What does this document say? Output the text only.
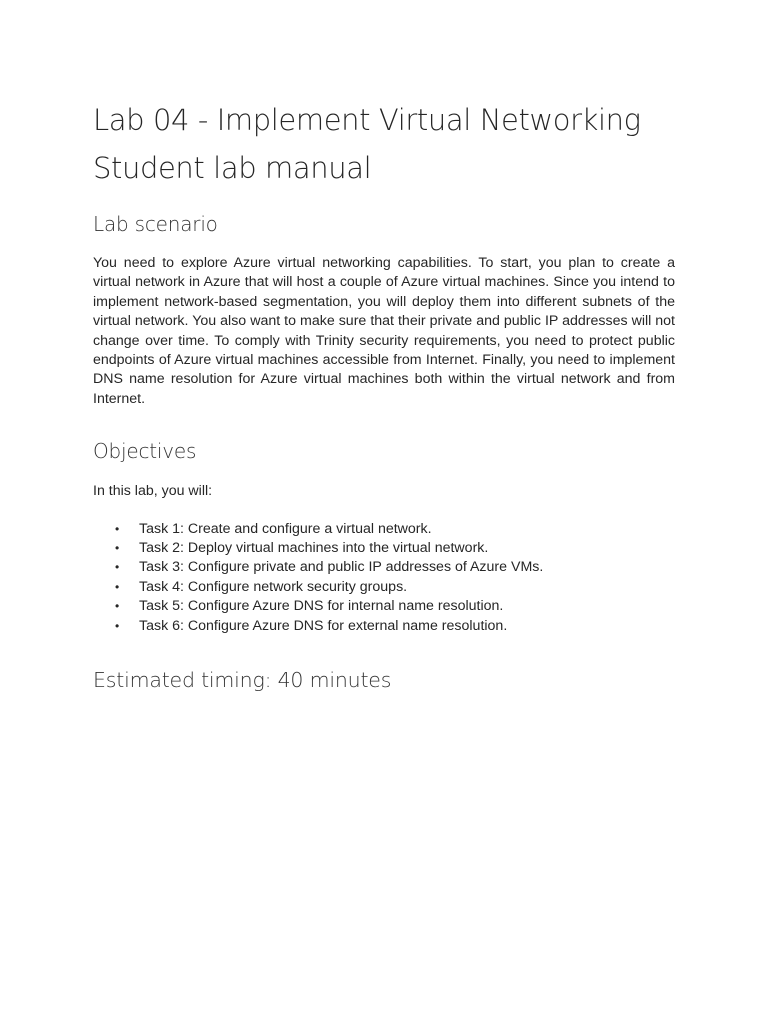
Lab 04 - Implement Virtual Networking
Student lab manual
Lab scenario

You need to explore Azure virtual networking capabilities. To start, you plan to create a virtual network in Azure that will host a couple of Azure virtual machines. Since you intend to implement network-based segmentation, you will deploy them into different subnets of the virtual network. You also want to make sure that their private and public IP addresses will not change over time. To comply with Trinity security requirements, you need to protect public endpoints of Azure virtual machines accessible from Internet. Finally, you need to implement DNS name resolution for Azure virtual machines both within the virtual network and from Internet.

Objectives

In this lab, you will:

• Task 1: Create and configure a virtual network.
• Task 2: Deploy virtual machines into the virtual network.
• Task 3: Configure private and public IP addresses of Azure VMs.
• Task 4: Configure network security groups.
• Task 5: Configure Azure DNS for internal name resolution.
• Task 6: Configure Azure DNS for external name resolution.
Estimated timing: 40 minutes
